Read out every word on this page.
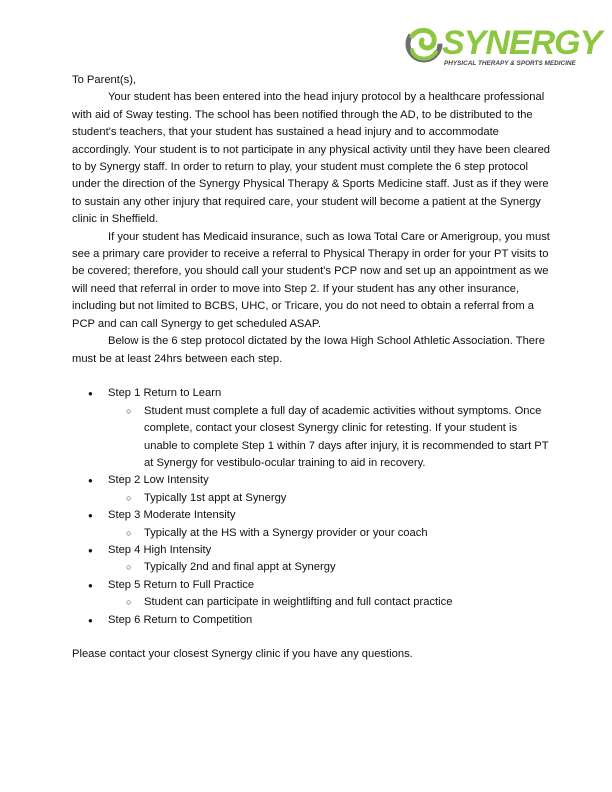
SYNERGY
PHYSICAL THERAPY & SPORTS MEDICINE

To Parent(s),

Your student has been entered into the head injury protocol by a healthcare professional with aid of Sway testing. The school has been notified through the AD, to be distributed to the student's teachers, that your student has sustained a head injury and to accommodate accordingly. Your student is to not participate in any physical activity until they have been cleared to by Synergy staff. In order to return to play, your student must complete the 6 step protocol under the direction of the Synergy Physical Therapy & Sports Medicine staff. Just as if they were to sustain any other injury that required care, your student will become a patient at the Synergy clinic in Sheffield.

If your student has Medicaid insurance, such as Iowa Total Care or Amerigroup, you must see a primary care provider to receive a referral to Physical Therapy in order for your PT visits to be covered; therefore, you should call your student's PCP now and set up an appointment as we will need that referral in order to move into Step 2. If your student has any other insurance, including but not limited to BCBS, UHC, or Tricare, you do not need to obtain a referral from a PCP and can call Synergy to get scheduled ASAP.

Below is the 6 step protocol dictated by the Iowa High School Athletic Association. There must be at least 24hrs between each step.

● Step 1 Return to Learn
○ Student must complete a full day of academic activities without symptoms. Once complete, contact your closest Synergy clinic for retesting. If your student is unable to complete Step 1 within 7 days after injury, it is recommended to start PT at Synergy for vestibulo-ocular training to aid in recovery.
● Step 2 Low Intensity
○ Typically 1st appt at Synergy
● Step 3 Moderate Intensity
○ Typically at the HS with a Synergy provider or your coach
● Step 4 High Intensity
○ Typically 2nd and final appt at Synergy
● Step 5 Return to Full Practice
○ Student can participate in weightlifting and full contact practice
● Step 6 Return to Competition

Please contact your closest Synergy clinic if you have any questions.
